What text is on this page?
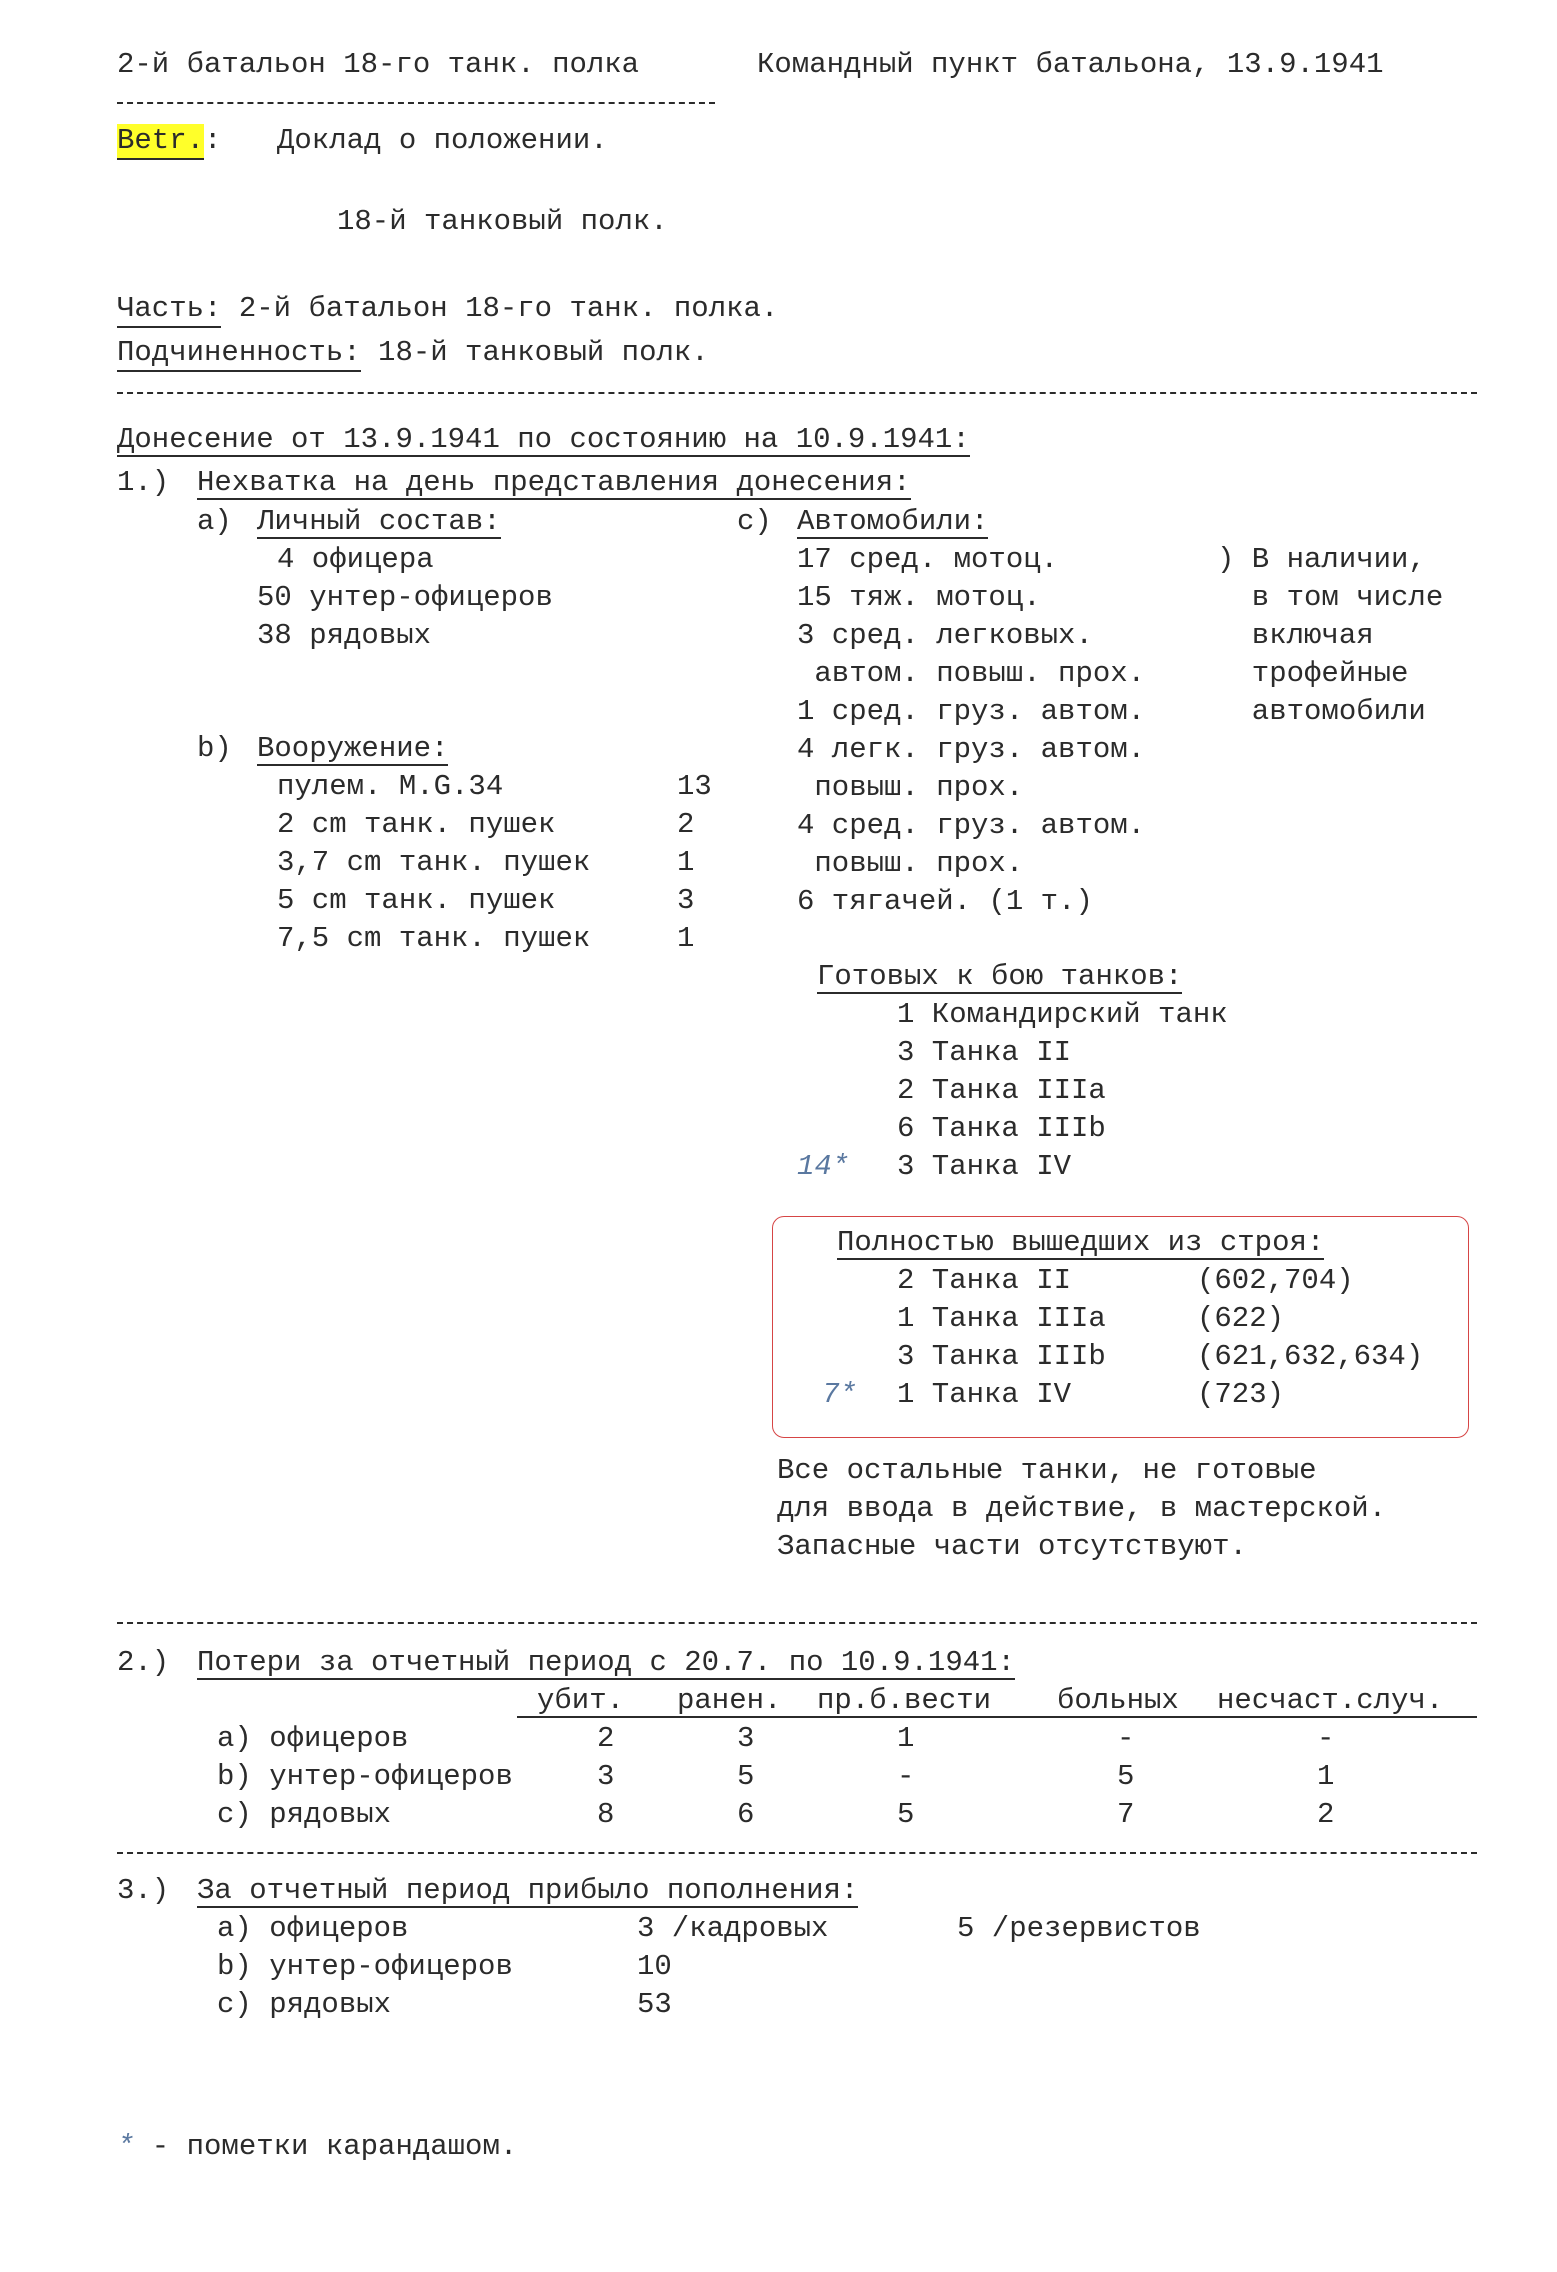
2-й батальон 18-го танк. полка	Командный пункт батальона, 13.9.1941
Betr.: Доклад о положении.
18-й танковый полк.
Часть: 2-й батальон 18-го танк. полка.
Подчиненность: 18-й танковый полк.
Донесение от 13.9.1941 по состоянию на 10.9.1941:
1.) Нехватка на день представления донесения:
a) Личный состав:
4 офицера
50 унтер-офицеров
38 рядовых
b) Вооружение:
пулем. M.G.34	13
2 cm танк. пушек	2
3,7 cm танк. пушек	1
5 cm танк. пушек	3
7,5 cm танк. пушек	1
c) Автомобили:
17 сред. мотоц.
15 тяж. мотоц.
3 сред. легковых.
автом. повыш. прох.
1 сред. груз. автом.
4 легк. груз. автом.
повыш. прох.
4 сред. груз. автом.
повыш. прох.
6 тягачей. (1 т.)
) В наличии,
в том числе
включая
трофейные
автомобили
Готовых к бою танков:
1 Командирский танк
3 Танка II
2 Танка IIIa
6 Танка IIIb
14* 3 Танка IV
Полностью вышедших из строя:
2 Танка II	(602,704)
1 Танка IIIa	(622)
3 Танка IIIb	(621,632,634)
7* 1 Танка IV	(723)
Все остальные танки, не готовые
для ввода в действие, в мастерской.
Запасные части отсутствуют.
2.) Потери за отчетный период с 20.7. по 10.9.1941:
убит. ранен. пр.б.вести больных несчаст.случ.
a) офицеров	2	3	1	-	-
b) унтер-офицеров	3	5	-	5	1
c) рядовых	8	6	5	7	2
3.) За отчетный период прибыло пополнения:
a) офицеров	3 /кадровых	5 /резервистов
b) унтер-офицеров	10
c) рядовых	53
* - пометки карандашом.
